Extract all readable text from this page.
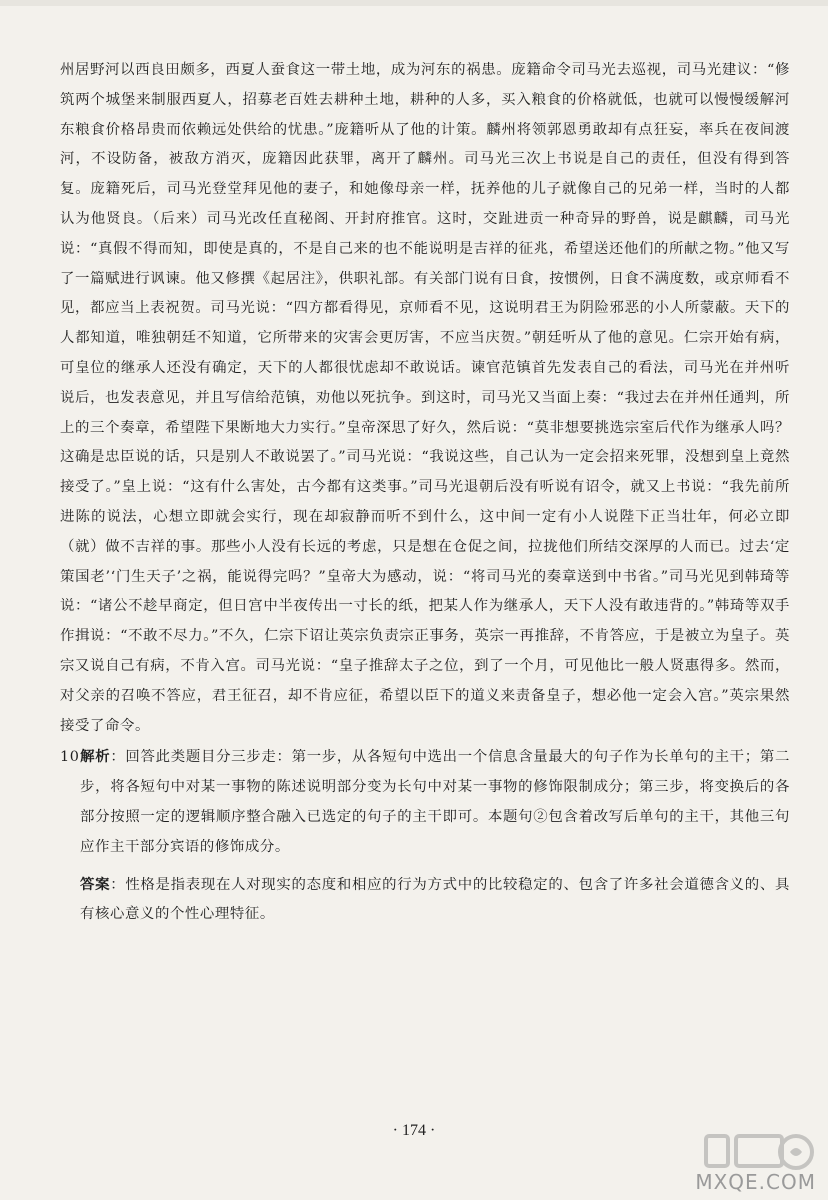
州居野河以西良田颇多，西夏人蚕食这一带土地，成为河东的祸患。庞籍命令司马光去巡视，司马光建议：“修筑两个城堡来制服西夏人，招募老百姓去耕种土地，耕种的人多，买入粮食的价格就低，也就可以慢慢缓解河东粮食价格昂贵而依赖远处供给的忧患。”庞籍听从了他的计策。麟州将领郭恩勇敢却有点狂妄，率兵在夜间渡河，不设防备，被敌方消灭，庞籍因此获罪，离开了麟州。司马光三次上书说是自己的责任，但没有得到答复。庞籍死后，司马光登堂拜见他的妻子，和她像母亲一样，抚养他的儿子就像自己的兄弟一样，当时的人都认为他贤良。（后来）司马光改任直秘阁、开封府推官。这时，交趾进贡一种奇异的野兽，说是麒麟，司马光说：“真假不得而知，即使是真的，不是自己来的也不能说明是吉祥的征兆，希望送还他们的所献之物。”他又写了一篇赋进行讽谏。他又修撰《起居注》，供职礼部。有关部门说有日食，按惯例，日食不满度数，或京师看不见，都应当上表祝贺。司马光说：“四方都看得见，京师看不见，这说明君王为阴险邪恶的小人所蒙蔽。天下的人都知道，唯独朝廷不知道，它所带来的灾害会更厉害，不应当庆贺。”朝廷听从了他的意见。仁宗开始有病，可皇位的继承人还没有确定，天下的人都很忧虑却不敢说话。谏官范镇首先发表自己的看法，司马光在并州听说后，也发表意见，并且写信给范镇，劝他以死抗争。到这时，司马光又当面上奏：“我过去在并州任通判，所上的三个奏章，希望陛下果断地大力实行。”皇帝深思了好久，然后说：“莫非想要挑选宗室后代作为继承人吗？这确是忠臣说的话，只是别人不敢说罢了。”司马光说：“我说这些，自己认为一定会招来死罪，没想到皇上竟然接受了。”皇上说：“这有什么害处，古今都有这类事。”司马光退朝后没有听说有诏令，就又上书说：“我先前所进陈的说法，心想立即就会实行，现在却寂静而听不到什么，这中间一定有小人说陛下正当壮年，何必立即（就）做不吉祥的事。那些小人没有长远的考虑，只是想在仓促之间，拉拢他们所结交深厚的人而已。过去‘定策国老’‘门生天子’之祸，能说得完吗？”皇帝大为感动，说：“将司马光的奏章送到中书省。”司马光见到韩琦等说：“诸公不趁早商定，但日宫中半夜传出一寸长的纸，把某人作为继承人，天下人没有敢违背的。”韩琦等双手作揖说：“不敢不尽力。”不久，仁宗下诏让英宗负责宗正事务，英宗一再推辞，不肯答应，于是被立为皇子。英宗又说自己有病，不肯入宫。司马光说：“皇子推辞太子之位，到了一个月，可见他比一般人贤惠得多。然而，对父亲的召唤不答应，君王征召，却不肯应征，希望以臣下的道义来责备皇子，想必他一定会入宫。”英宗果然接受了命令。

10.解析：回答此类题目分三步走：第一步，从各短句中选出一个信息含量最大的句子作为长单句的主干；第二步，将各短句中对某一事物的陈述说明部分变为长句中对某一事物的修饰限制成分；第三步，将变换后的各部分按照一定的逻辑顺序整合融入已选定的句子的主干即可。本题句②包含着改写后单句的主干，其他三句应作主干部分宾语的修饰成分。

答案：性格是指表现在人对现实的态度和相应的行为方式中的比较稳定的、包含了许多社会道德含义的、具有核心意义的个性心理特征。

· 174 ·
MXQE.COM
